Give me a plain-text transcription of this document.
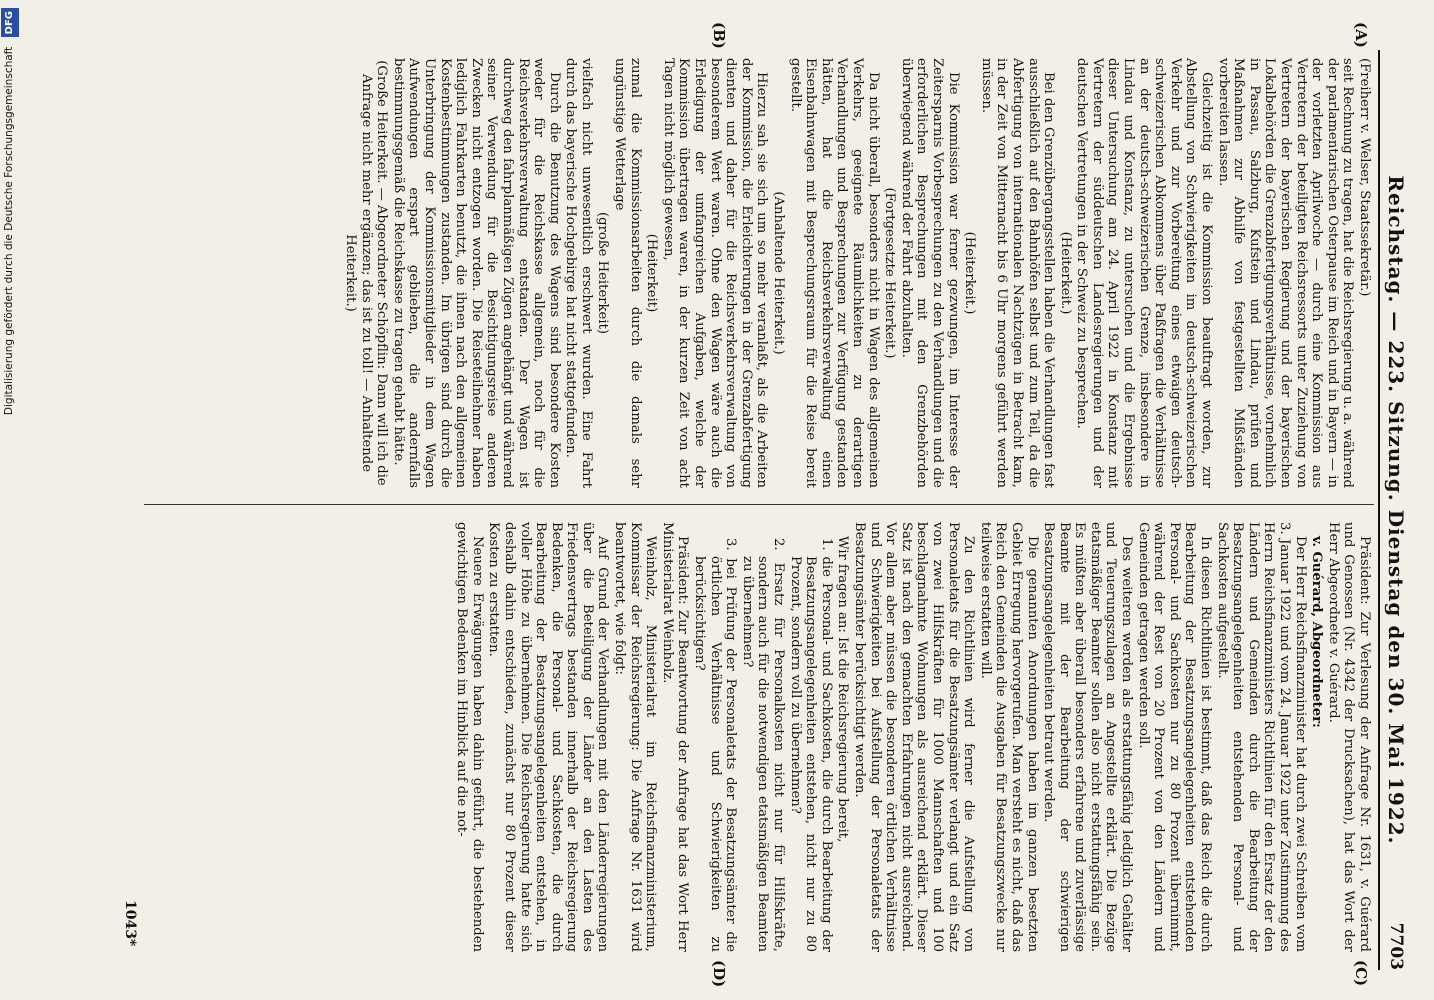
Reichstag. — 223. Sitzung. Dienstag den 30. Mai 1922.
7703
(A)
(B)
(C)
(D)

(Freiherr v. Welser, Staatssekretär.)

seit Rechnung zu tragen, hat die Reichsregierung u. a. während der parlamentarischen Osterpause im Reich und in Bayern — in der vorletzten Aprilwoche — durch eine Kommission aus Vertretern der beteiligten Reichsressorts unter Zuziehung von Vertretern der bayerischen Regierung und der bayerischen Lokalbehörden die Grenzabfertigungsverhältnisse, vornehmlich in Passau, Salzburg, Kufstein und Lindau, prüfen und Maßnahmen zur Abhilfe von festgestellten Mißständen vorbereiten lassen.

Gleichzeitig ist die Kommission beauftragt worden, zur Abstellung von Schwierigkeiten im deutsch-schweizerischen Verkehr und zur Vorbereitung eines etwaigen deutsch-schweizerischen Abkommens über Paßfragen die Verhältnisse an der deutsch-schweizerischen Grenze, insbesondere in Lindau und Konstanz, zu untersuchen und die Ergebnisse dieser Untersuchung am 24. April 1922 in Konstanz mit Vertretern der süddeutschen Landesregierungen und der deutschen Vertretungen in der Schweiz zu besprechen.

(Heiterkeit.)

Bei den Grenzübergangsstellen haben die Verhandlungen fast ausschließlich auf den Bahnhöfen selbst und zum Teil, da die Abfertigung von internationalen Nachtzügen in Betracht kam, in der Zeit von Mitternacht bis 6 Uhr morgens geführt werden müssen.

(Heiterkeit.)

Die Kommission war ferner gezwungen, im Interesse der Zeitersparnis Vorbesprechungen zu den Verhandlungen und die erforderlichen Besprechungen mit den Grenzbehörden überwiegend während der Fahrt abzuhalten.

(Fortgesetzte Heiterkeit.)

Da nicht überall, besonders nicht in Wagen des allgemeinen Verkehrs, geeignete Räumlichkeiten zu derartigen Verhandlungen und Besprechungen zur Verfügung gestanden hätten, hat die Reichsverkehrsverwaltung einen Eisenbahnwagen mit Besprechungsraum für die Reise bereit gestellt.

(Anhaltende Heiterkeit.)

Hierzu sah sie sich um so mehr veranlaßt, als die Arbeiten der Kommission, die Erleichterungen in der Grenzabfertigung dienten und daher für die Reichsverkehrsverwaltung von besonderem Wert waren. Ohne den Wagen wäre auch die Erledigung der umfangreichen Aufgaben, welche der Kommission übertragen waren, in der kurzen Zeit von acht Tagen nicht möglich gewesen,

(Heiterkeit)

zumal die Kommissionsarbeiten durch die damals sehr ungünstige Wetterlage

(große Heiterkeit)

vielfach nicht unwesentlich erschwert wurden. Eine Fahrt durch das bayerische Hochgebirge hat nicht stattgefunden.

Durch die Benutzung des Wagens sind besondere Kosten weder für die Reichskasse allgemein, noch für die Reichsverkehrsverwaltung entstanden. Der Wagen ist durchweg den fahrplanmäßigen Zügen angehängt und während seiner Verwendung für die Besichtigungsreise anderen Zwecken nicht entzogen worden. Die Reiseteilnehmer haben lediglich Fahrkarten benutzt, die ihnen nach den allgemeinen Kostenbestimmungen zustanden. Im übrigen sind durch die Unterbringung der Kommissionsmitglieder in dem Wagen Aufwendungen erspart geblieben, die andernfalls bestimmungsgemäß die Reichskasse zu tragen gehabt hätte.

(Große Heiterkeit. — Abgeordneter Schöpflin: Dann will ich die Anfrage nicht mehr ergänzen; das ist zu toll! — Anhaltende Heiterkeit.)

Präsident: Zur Verlesung der Anfrage Nr. 1631, v. Guérard und Genossen (Nr. 4342 der Drucksachen), hat das Wort der Herr Abgeordnete v. Guérard.

v. Guérard, Abgeordneter:

Der Herr Reichsfinanzminister hat durch zwei Schreiben vom 3. Januar 1922 und vom 24. Januar 1922 unter Zustimmung des Herrn Reichsfinanzministers Richtlinien für den Ersatz der den Ländern und Gemeinden durch die Bearbeitung der Besatzungsangelegenheiten entstehenden Personal- und Sachkosten aufgestellt.

In diesen Richtlinien ist bestimmt, daß das Reich die durch Bearbeitung der Besatzungsangelegenheiten entstehenden Personal- und Sachkosten nur zu 80 Prozent übernimmt, während der Rest von 20 Prozent von den Ländern und Gemeinden getragen werden soll.

Des weiteren werden als erstattungsfähig lediglich Gehälter und Teuerungszulagen an Angestellte erklärt. Die Bezüge etatsmäßiger Beamter sollen also nicht erstattungsfähig sein. Es müßten aber überall besonders erfahrene und zuverlässige Beamte mit der Bearbeitung der schwierigen Besatzungsangelegenheiten betraut werden.

Die genannten Anordnungen haben im ganzen besetzten Gebiet Erregung hervorgerufen. Man versteht es nicht, daß das Reich den Gemeinden die Ausgaben für Besatzungszwecke nur teilweise erstatten will.

Zu den Richtlinien wird ferner die Aufstellung von Personaletats für die Besatzungsämter verlangt und ein Satz von zwei Hilfskräften für 1000 Mannschaften und 100 beschlagnahmte Wohnungen als ausreichend erklärt. Dieser Satz ist nach den gemachten Erfahrungen nicht ausreichend. Vor allem aber müssen die besonderen örtlichen Verhältnisse und Schwierigkeiten bei Aufstellung der Personaletats der Besatzungsämter berücksichtigt werden.

Wir fragen an: Ist die Reichsregierung bereit,

1. die Personal- und Sachkosten, die durch Bearbeitung der Besatzungsangelegenheiten entstehen, nicht nur zu 80 Prozent, sondern voll zu übernehmen?

2. Ersatz für Personalkosten nicht nur für Hilfskräfte, sondern auch für die notwendigen etatsmäßigen Beamten zu übernehmen?

3. bei Prüfung der Personaletats der Besatzungsämter die örtlichen Verhältnisse und Schwierigkeiten zu berücksichtigen?

Präsident: Zur Beantwortung der Anfrage hat das Wort Herr Ministerialrat Weinholz.

Weinholz, Ministerialrat im Reichsfinanzministerium, Kommissar der Reichsregierung: Die Anfrage Nr. 1631 wird beantwortet, wie folgt:

Auf Grund der Verhandlungen mit den Länderregierungen über die Beteiligung der Länder an den Lasten des Friedensvertrags bestanden innerhalb der Reichsregierung Bedenken, die Personal- und Sachkosten, die durch Bearbeitung der Besatzungsangelegenheiten entstehen, in voller Höhe zu übernehmen. Die Reichsregierung hatte sich deshalb dahin entschieden, zunächst nur 80 Prozent dieser Kosten zu erstatten.

Neuere Erwägungen haben dahin geführt, die bestehenden gewichtigen Bedenken im Hinblick auf die not-

1043*
Digitalisierung gefördert durch die Deutsche Forschungsgemeinschaft DFG
